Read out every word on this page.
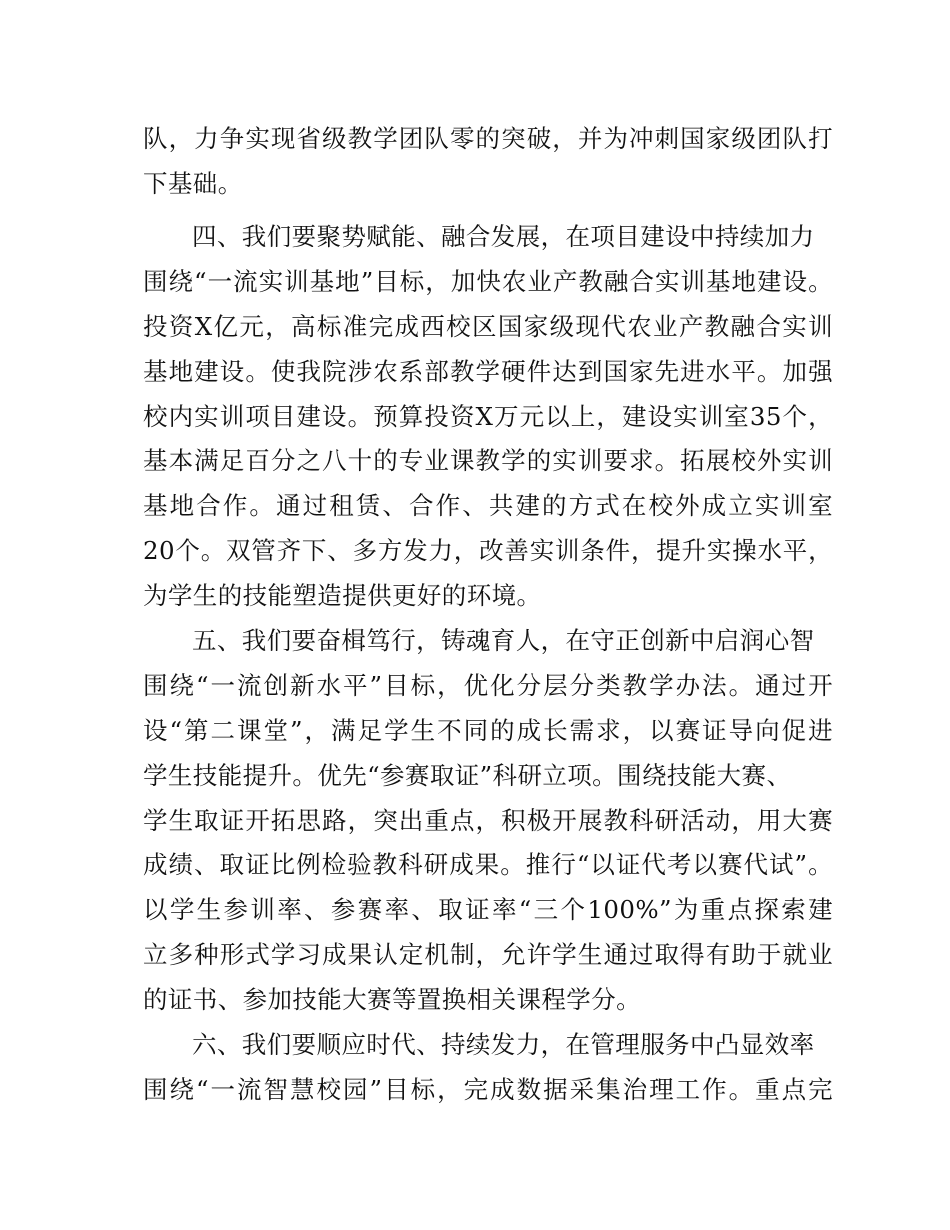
队，力争实现省级教学团队零的突破，并为冲刺国家级团队打
下基础。
四、我们要聚势赋能、融合发展，在项目建设中持续加力
围绕“一流实训基地”目标，加快农业产教融合实训基地建设。
投资X亿元，高标准完成西校区国家级现代农业产教融合实训
基地建设。使我院涉农系部教学硬件达到国家先进水平。加强
校内实训项目建设。预算投资X万元以上，建设实训室35个，
基本满足百分之八十的专业课教学的实训要求。拓展校外实训
基地合作。通过租赁、合作、共建的方式在校外成立实训室
20个。双管齐下、多方发力，改善实训条件，提升实操水平，
为学生的技能塑造提供更好的环境。
五、我们要奋楫笃行，铸魂育人，在守正创新中启润心智
围绕“一流创新水平”目标，优化分层分类教学办法。通过开
设“第二课堂”，满足学生不同的成长需求，以赛证导向促进
学生技能提升。优先“参赛取证”科研立项。围绕技能大赛、
学生取证开拓思路，突出重点，积极开展教科研活动，用大赛
成绩、取证比例检验教科研成果。推行“以证代考以赛代试”。
以学生参训率、参赛率、取证率“三个100%”为重点探索建
立多种形式学习成果认定机制，允许学生通过取得有助于就业
的证书、参加技能大赛等置换相关课程学分。
六、我们要顺应时代、持续发力，在管理服务中凸显效率
围绕“一流智慧校园”目标，完成数据采集治理工作。重点完
